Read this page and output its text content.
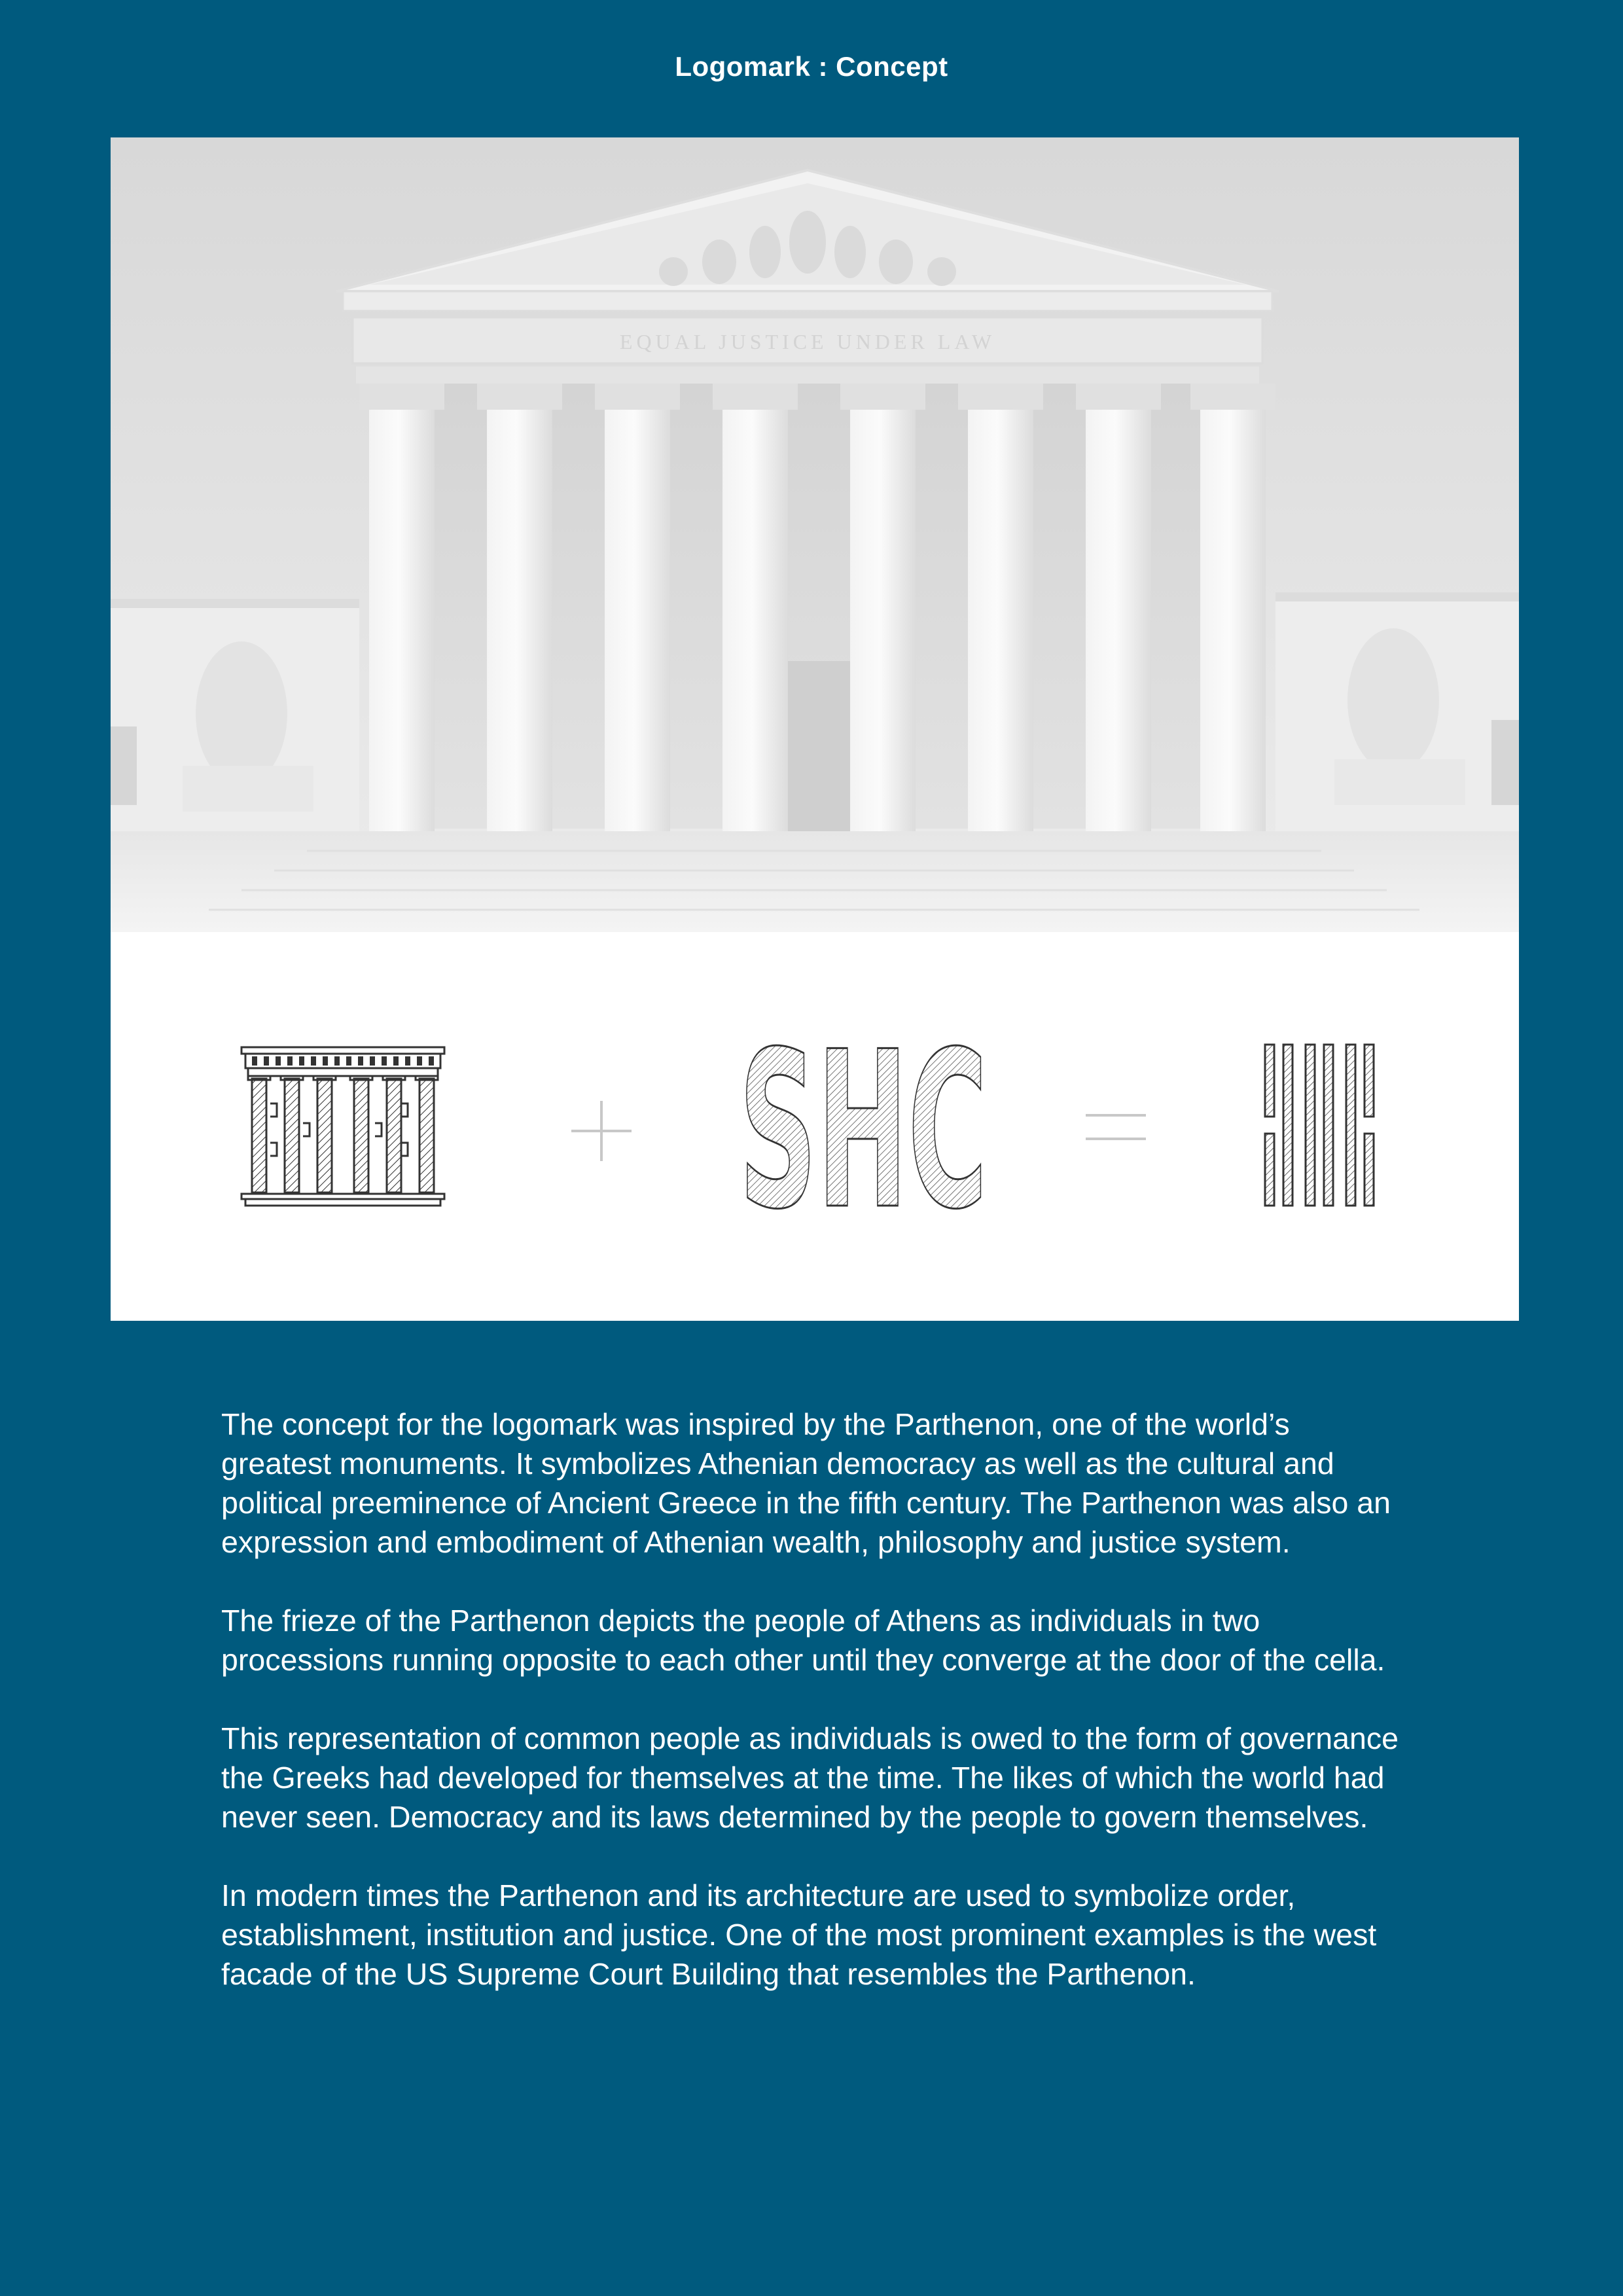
Logomark : Concept
EQUAL JUSTICE UNDER LAW
SHC

The concept for the logomark was inspired by the Parthenon, one of the world’s greatest monuments. It symbolizes Athenian democracy as well as the cultural and political preeminence of Ancient Greece in the fifth century. The Parthenon was also an expression and embodiment of Athenian wealth, philosophy and justice system.

The frieze of the Parthenon depicts the people of Athens as individuals in two processions running opposite to each other until they converge at the door of the cella.

This representation of common people as individuals is owed to the form of governance the Greeks had developed for themselves at the time. The likes of which the world had never seen. Democracy and its laws determined by the people to govern themselves.

In modern times the Parthenon and its architecture are used to symbolize order, establishment, institution and justice. One of the most prominent examples is the west facade of the US Supreme Court Building that resembles the Parthenon.
